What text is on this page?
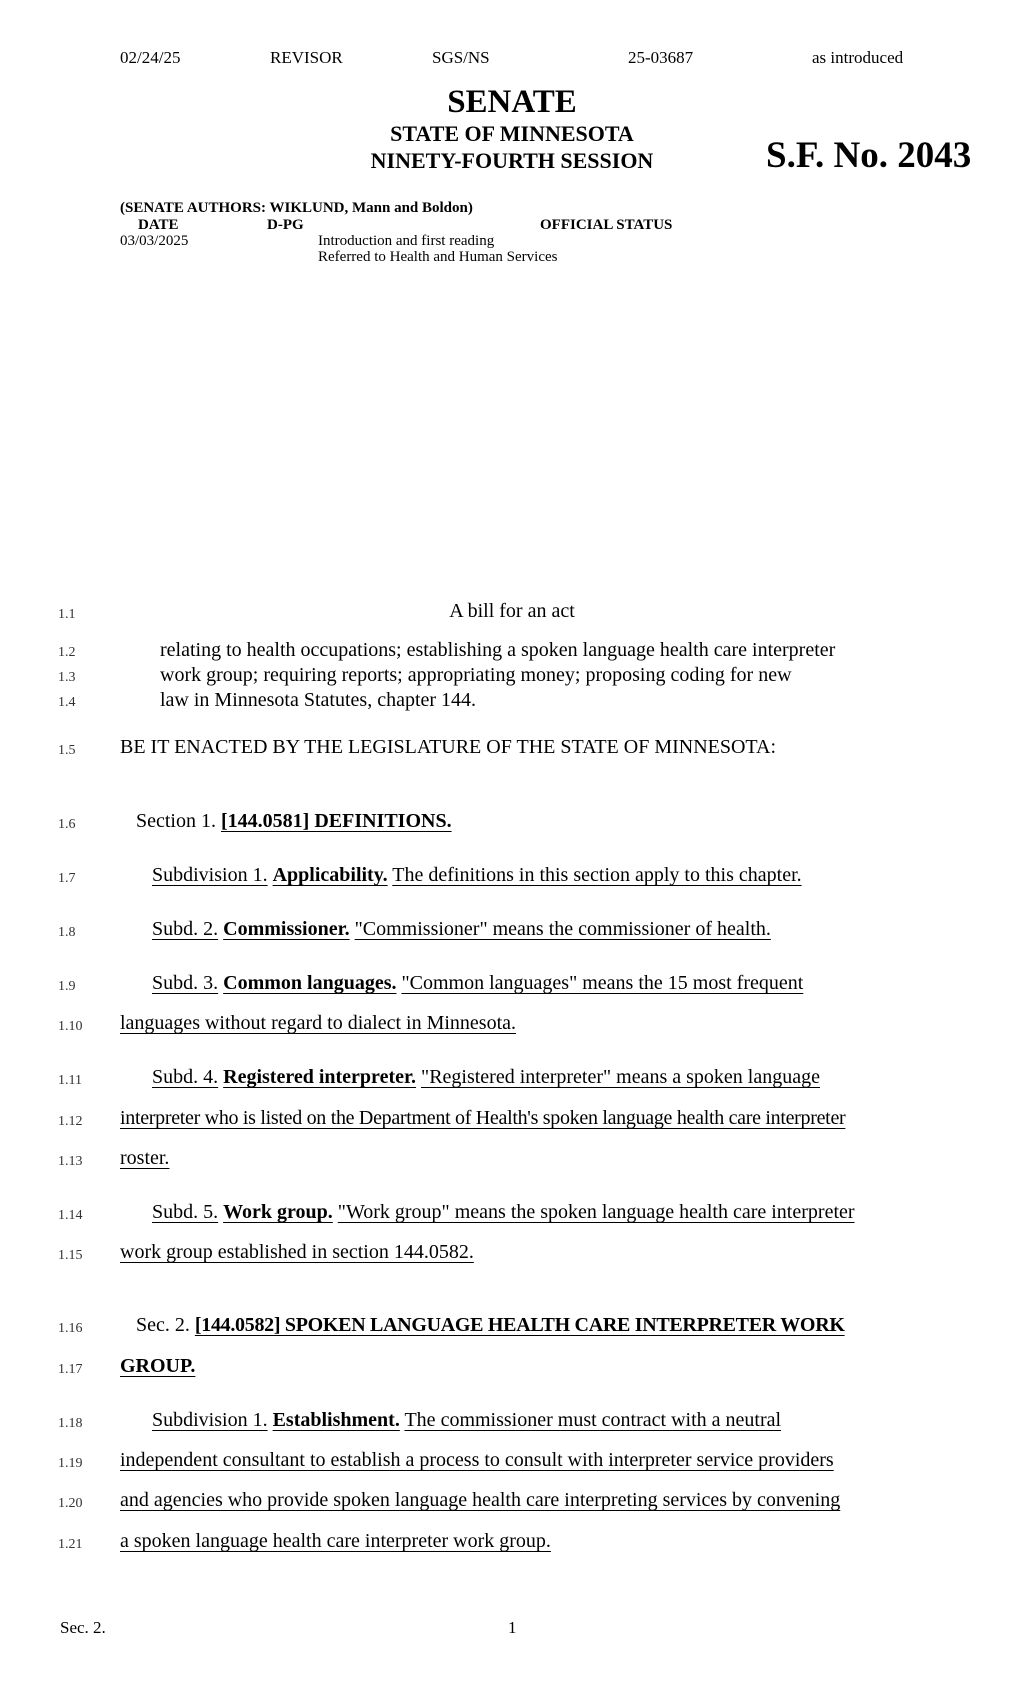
02/24/25	REVISOR	SGS/NS	25-03687	as introduced
SENATE
STATE OF MINNESOTA
NINETY-FOURTH SESSION	S.F. No. 2043
(SENATE AUTHORS: WIKLUND, Mann and Boldon)
DATE	D-PG	OFFICIAL STATUS
03/03/2025	Introduction and first reading
Referred to Health and Human Services
1.1
1.2
1.3
1.4
1.5
1.6
1.7
1.8
1.9
1.10
1.11
1.12
1.13
1.14
1.15
1.16
1.17
1.18
1.19
1.20
1.21
A bill for an act
relating to health occupations; establishing a spoken language health care interpreter
work group; requiring reports; appropriating money; proposing coding for new
law in Minnesota Statutes, chapter 144.
BE IT ENACTED BY THE LEGISLATURE OF THE STATE OF MINNESOTA:
Section 1. [144.0581] DEFINITIONS.
Subdivision 1. Applicability. The definitions in this section apply to this chapter.
Subd. 2. Commissioner. "Commissioner" means the commissioner of health.
Subd. 3. Common languages. "Common languages" means the 15 most frequent
languages without regard to dialect in Minnesota.
Subd. 4. Registered interpreter. "Registered interpreter" means a spoken language
interpreter who is listed on the Department of Health's spoken language health care interpreter
roster.
Subd. 5. Work group. "Work group" means the spoken language health care interpreter
work group established in section 144.0582.
Sec. 2. [144.0582] SPOKEN LANGUAGE HEALTH CARE INTERPRETER WORK
GROUP.
Subdivision 1. Establishment. The commissioner must contract with a neutral
independent consultant to establish a process to consult with interpreter service providers
and agencies who provide spoken language health care interpreting services by convening
a spoken language health care interpreter work group.
Sec. 2.	1
